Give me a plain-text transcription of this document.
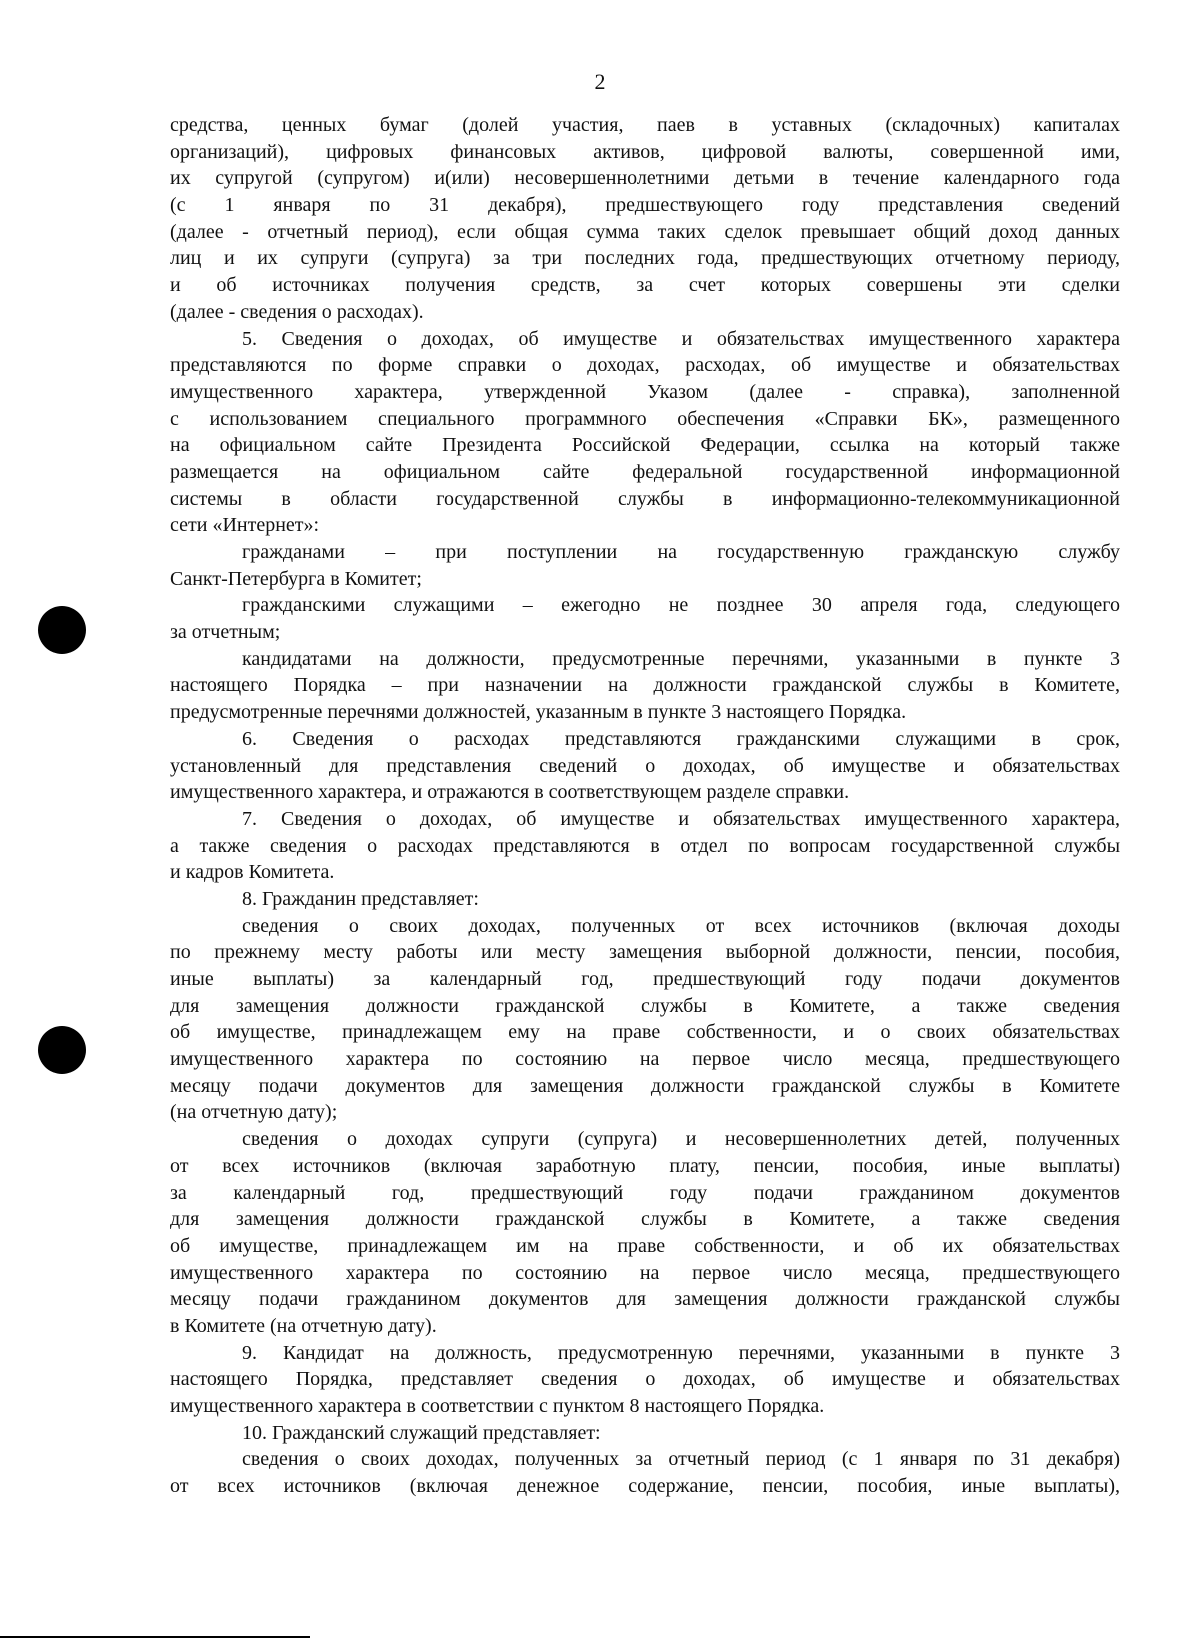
2
средства, ценных бумаг (долей участия, паев в уставных (складочных) капиталах
организаций), цифровых финансовых активов, цифровой валюты, совершенной ими,
их супругой (супругом) и(или) несовершеннолетними детьми в течение календарного года
(с 1 января по 31 декабря), предшествующего году представления сведений
(далее - отчетный период), если общая сумма таких сделок превышает общий доход данных
лиц и их супруги (супруга) за три последних года, предшествующих отчетному периоду,
и об источниках получения средств, за счет которых совершены эти сделки
(далее - сведения о расходах).
5. Сведения о доходах, об имуществе и обязательствах имущественного характера
представляются по форме справки о доходах, расходах, об имуществе и обязательствах
имущественного характера, утвержденной Указом (далее - справка), заполненной
с использованием специального программного обеспечения «Справки БК», размещенного
на официальном сайте Президента Российской Федерации, ссылка на который также
размещается на официальном сайте федеральной государственной информационной
системы в области государственной службы в информационно-телекоммуникационной
сети «Интернет»:
гражданами – при поступлении на государственную гражданскую службу
Санкт-Петербурга в Комитет;
гражданскими служащими – ежегодно не позднее 30 апреля года, следующего
за отчетным;
кандидатами на должности, предусмотренные перечнями, указанными в пункте 3
настоящего Порядка – при назначении на должности гражданской службы в Комитете,
предусмотренные перечнями должностей, указанным в пункте 3 настоящего Порядка.
6. Сведения о расходах представляются гражданскими служащими в срок,
установленный для представления сведений о доходах, об имуществе и обязательствах
имущественного характера, и отражаются в соответствующем разделе справки.
7. Сведения о доходах, об имуществе и обязательствах имущественного характера,
а также сведения о расходах представляются в отдел по вопросам государственной службы
и кадров Комитета.
8. Гражданин представляет:
сведения о своих доходах, полученных от всех источников (включая доходы
по прежнему месту работы или месту замещения выборной должности, пенсии, пособия,
иные выплаты) за календарный год, предшествующий году подачи документов
для замещения должности гражданской службы в Комитете, а также сведения
об имуществе, принадлежащем ему на праве собственности, и о своих обязательствах
имущественного характера по состоянию на первое число месяца, предшествующего
месяцу подачи документов для замещения должности гражданской службы в Комитете
(на отчетную дату);
сведения о доходах супруги (супруга) и несовершеннолетних детей, полученных
от всех источников (включая заработную плату, пенсии, пособия, иные выплаты)
за календарный год, предшествующий году подачи гражданином документов
для замещения должности гражданской службы в Комитете, а также сведения
об имуществе, принадлежащем им на праве собственности, и об их обязательствах
имущественного характера по состоянию на первое число месяца, предшествующего
месяцу подачи гражданином документов для замещения должности гражданской службы
в Комитете (на отчетную дату).
9. Кандидат на должность, предусмотренную перечнями, указанными в пункте 3
настоящего Порядка, представляет сведения о доходах, об имуществе и обязательствах
имущественного характера в соответствии с пунктом 8 настоящего Порядка.
10. Гражданский служащий представляет:
сведения о своих доходах, полученных за отчетный период (с 1 января по 31 декабря)
от всех источников (включая денежное содержание, пенсии, пособия, иные выплаты),
